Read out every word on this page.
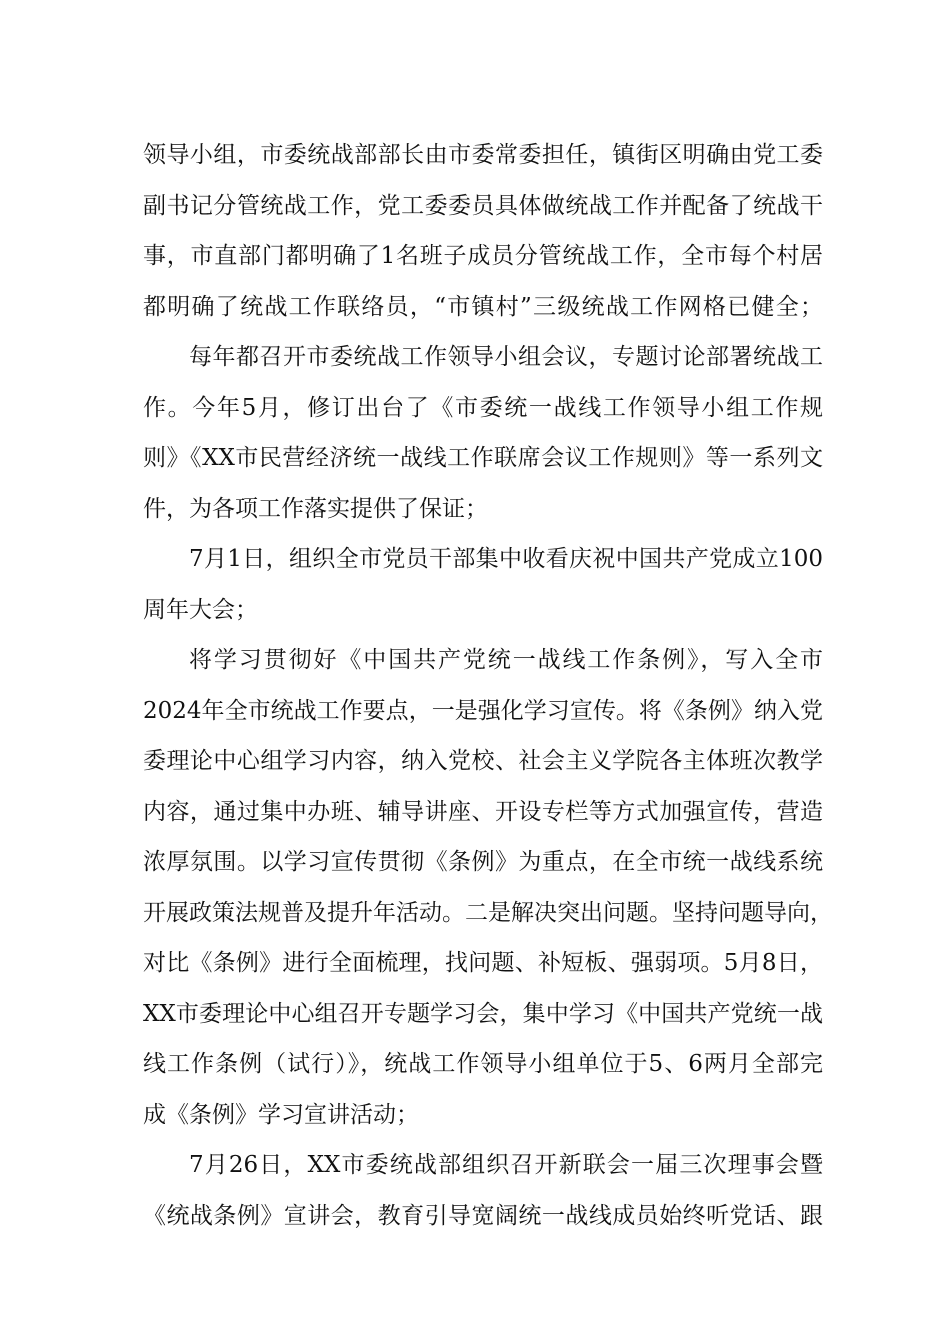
领导小组，市委统战部部长由市委常委担任，镇街区明确由党工委
副书记分管统战工作，党工委委员具体做统战工作并配备了统战干
事，市直部门都明确了1名班子成员分管统战工作，全市每个村居
都明确了统战工作联络员，“市镇村”三级统战工作网格已健全；
每年都召开市委统战工作领导小组会议，专题讨论部署统战工
作。今年5月，修订出台了《市委统一战线工作领导小组工作规
则》《XX市民营经济统一战线工作联席会议工作规则》等一系列文
件，为各项工作落实提供了保证；
7月1日，组织全市党员干部集中收看庆祝中国共产党成立100
周年大会；
将学习贯彻好《中国共产党统一战线工作条例》，写入全市
2024年全市统战工作要点，一是强化学习宣传。将《条例》纳入党
委理论中心组学习内容，纳入党校、社会主义学院各主体班次教学
内容，通过集中办班、辅导讲座、开设专栏等方式加强宣传，营造
浓厚氛围。以学习宣传贯彻《条例》为重点，在全市统一战线系统
开展政策法规普及提升年活动。二是解决突出问题。坚持问题导向，
对比《条例》进行全面梳理，找问题、补短板、强弱项。5月8日，
XX市委理论中心组召开专题学习会，集中学习《中国共产党统一战
线工作条例（试行）》，统战工作领导小组单位于5、6两月全部完
成《条例》学习宣讲活动；
7月26日，XX市委统战部组织召开新联会一届三次理事会暨
《统战条例》宣讲会，教育引导宽阔统一战线成员始终听党话、跟
